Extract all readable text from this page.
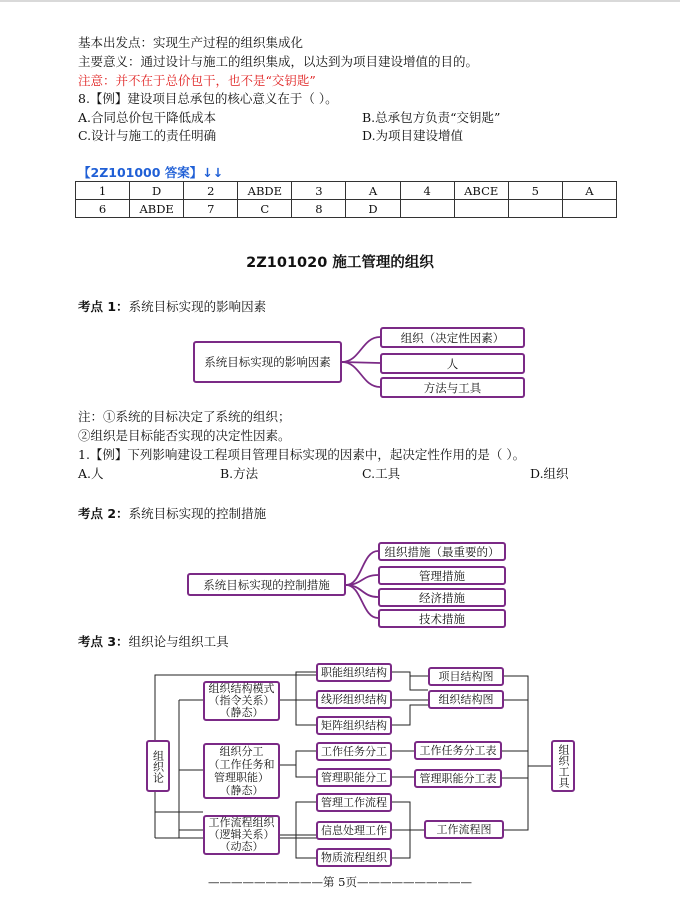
基本出发点：实现生产过程的组织集成化
主要意义：通过设计与施工的组织集成，以达到为项目建设增值的目的。
注意：并不在于总价包干，也不是“交钥匙”
8.【例】建设项目总承包的核心意义在于（ ）。
A.合同总价包干降低成本	B.总承包方负责“交钥匙”
C.设计与施工的责任明确	D.为项目建设增值
【2Z101000 答案】↓↓
1	D	2	ABDE	3	A	4	ABCE	5	A
6	ABDE	7	C	8	D				
2Z101020 施工管理的组织
考点 1：系统目标实现的影响因素
系统目标实现的影响因素
组织（决定性因素）
人
方法与工具
注：①系统的目标决定了系统的组织；
②组织是目标能否实现的决定性因素。
1.【例】下列影响建设工程项目管理目标实现的因素中，起决定性作用的是（ ）。
A.人	B.方法	C.工具	D.组织
考点 2：系统目标实现的控制措施
系统目标实现的控制措施
组织措施（最重要的）
管理措施
经济措施
技术措施
考点 3：组织论与组织工具
组织论
组织结构模式
（指令关系）
（静态）
组织分工
（工作任务和
管理职能）
（静态）
工作流程组织
（逻辑关系）
（动态）
职能组织结构
线形组织结构
矩阵组织结构
工作任务分工
管理职能分工
管理工作流程
信息处理工作
物质流程组织
项目结构图
组织结构图
工作任务分工表
管理职能分工表
工作流程图
组织工具
——————————第 5页——————————
